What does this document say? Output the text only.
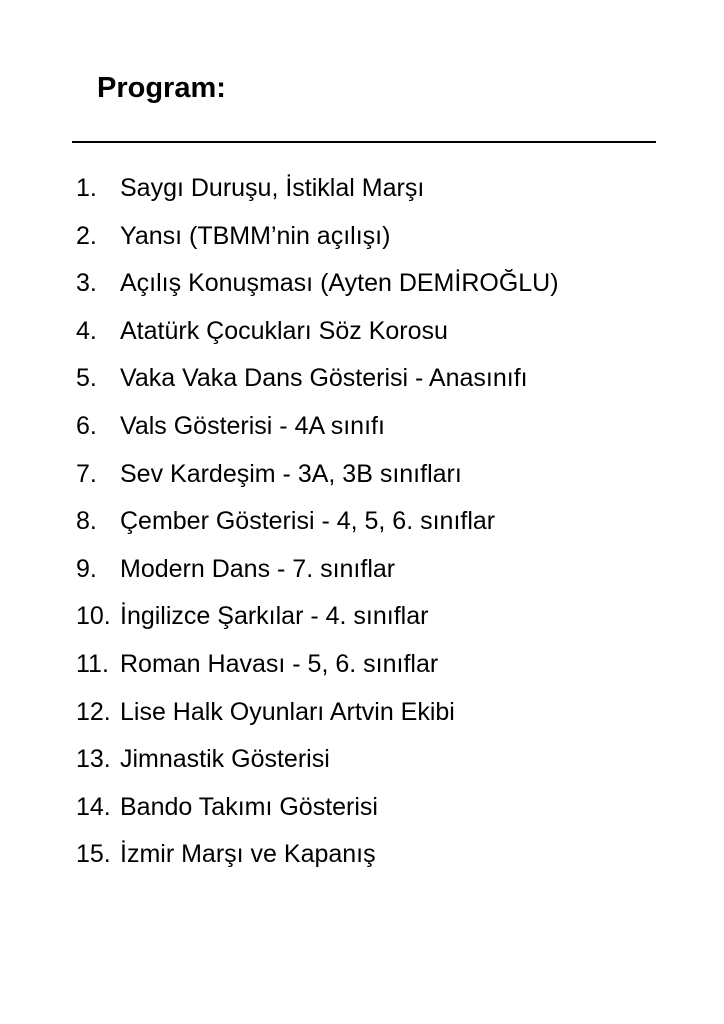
Program:
1. Saygı Duruşu, İstiklal Marşı
2. Yansı (TBMM’nin açılışı)
3. Açılış Konuşması (Ayten DEMİROĞLU)
4. Atatürk Çocukları Söz Korosu
5. Vaka Vaka Dans Gösterisi - Anasınıfı
6. Vals Gösterisi - 4A sınıfı
7. Sev Kardeşim - 3A, 3B sınıfları
8. Çember Gösterisi - 4, 5, 6. sınıflar
9. Modern Dans - 7. sınıflar
10. İngilizce Şarkılar - 4. sınıflar
11. Roman Havası - 5, 6. sınıflar
12. Lise Halk Oyunları Artvin Ekibi
13. Jimnastik Gösterisi
14. Bando Takımı Gösterisi
15. İzmir Marşı ve Kapanış
